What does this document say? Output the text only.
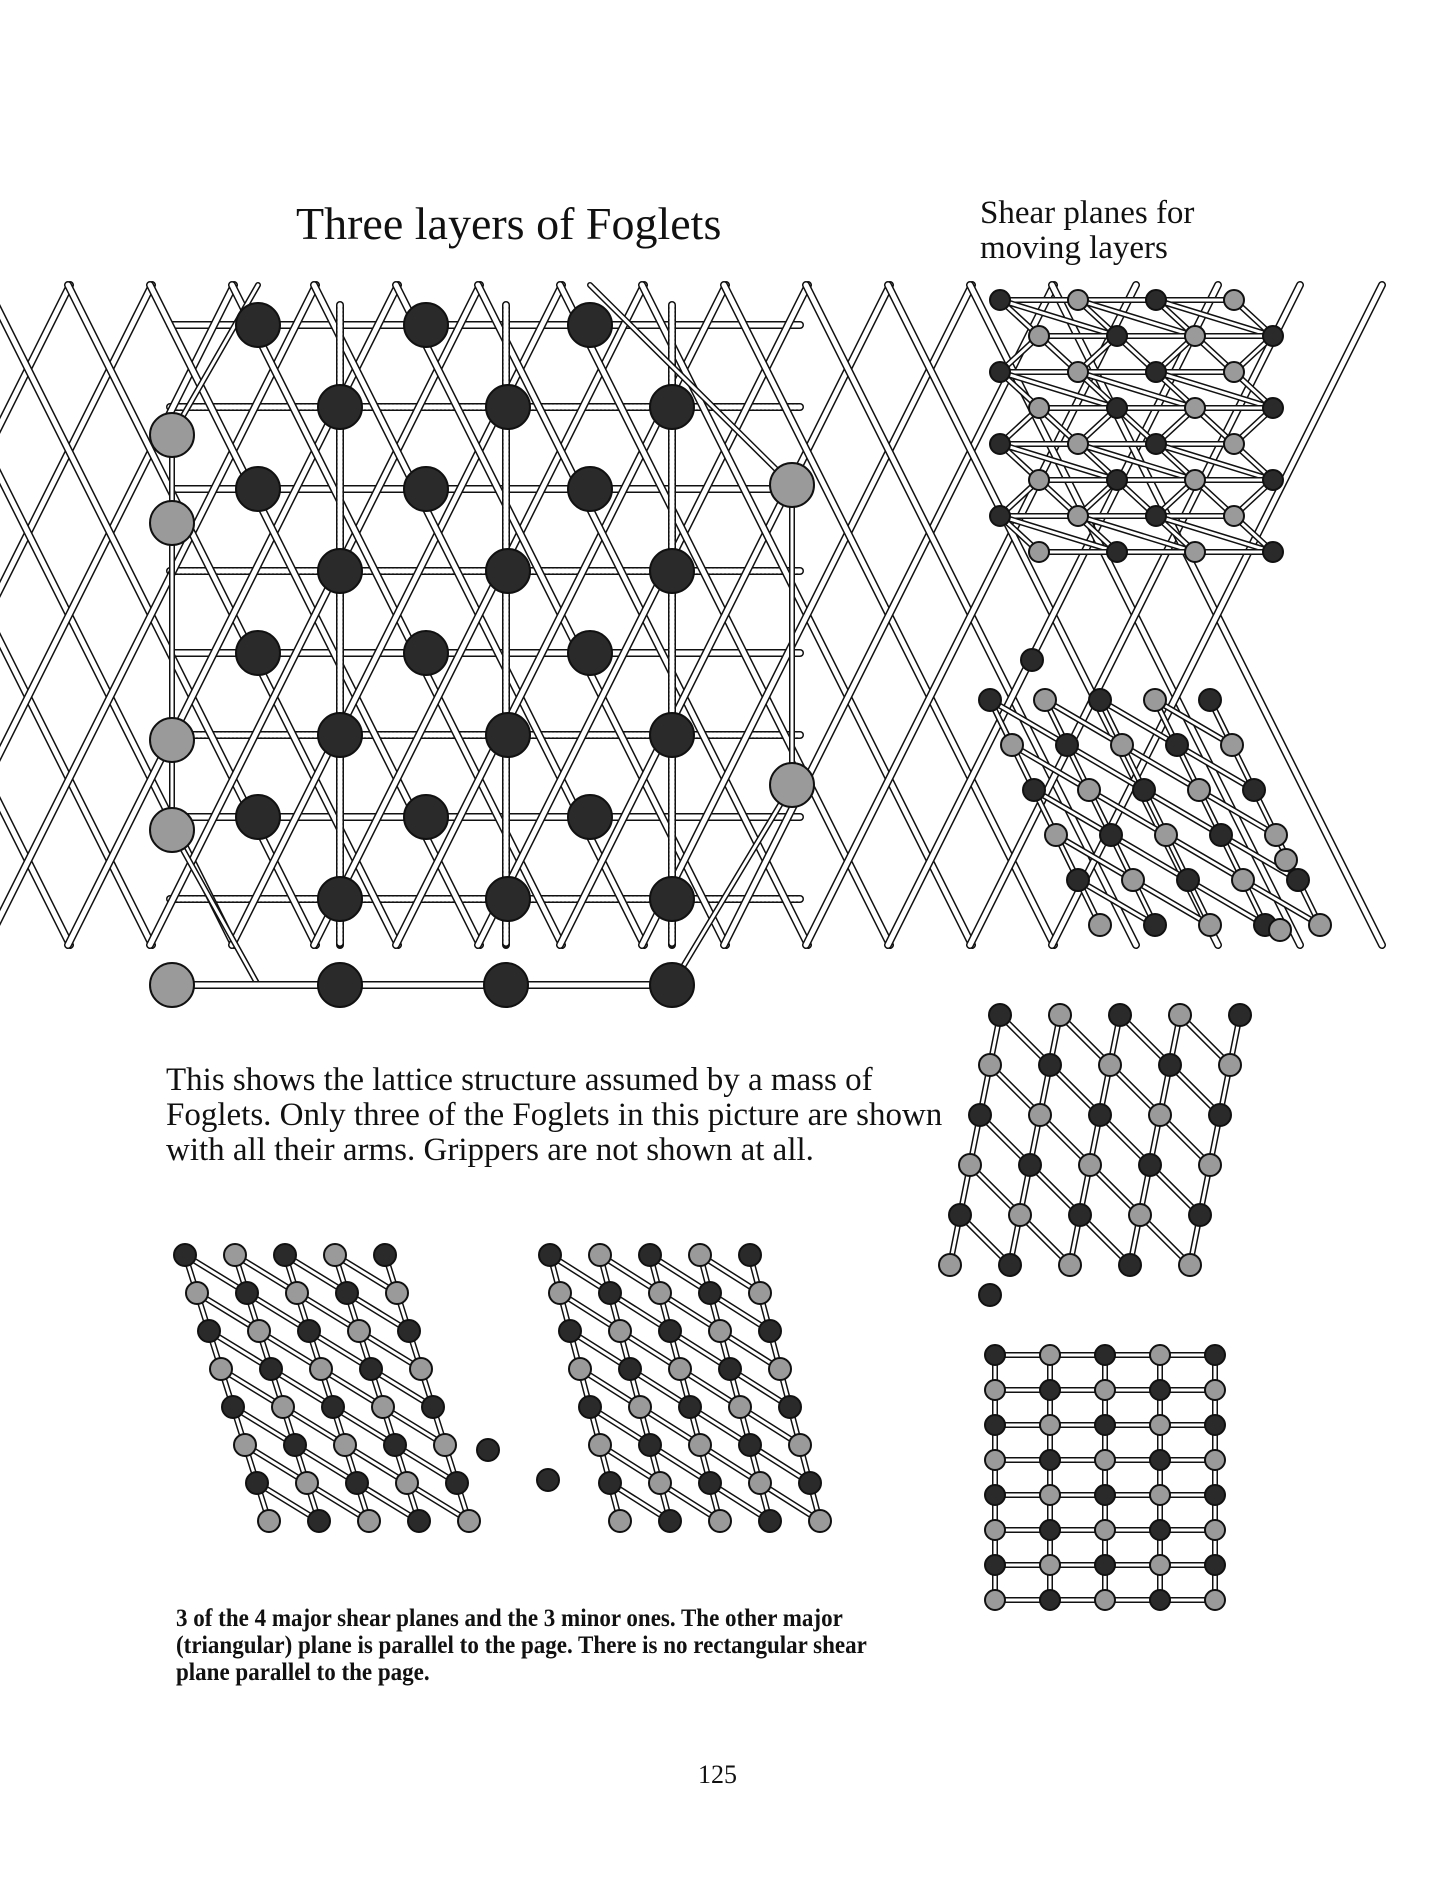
Three layers of Foglets	Shear planes for moving layers
This shows the lattice structure assumed by a mass of Foglets. Only three of the Foglets in this picture are shown with all their arms. Grippers are not shown at all.
3 of the 4 major shear planes and the 3 minor ones. The other major (triangular) plane is parallel to the page. There is no rectangular shear plane parallel to the page.
125
